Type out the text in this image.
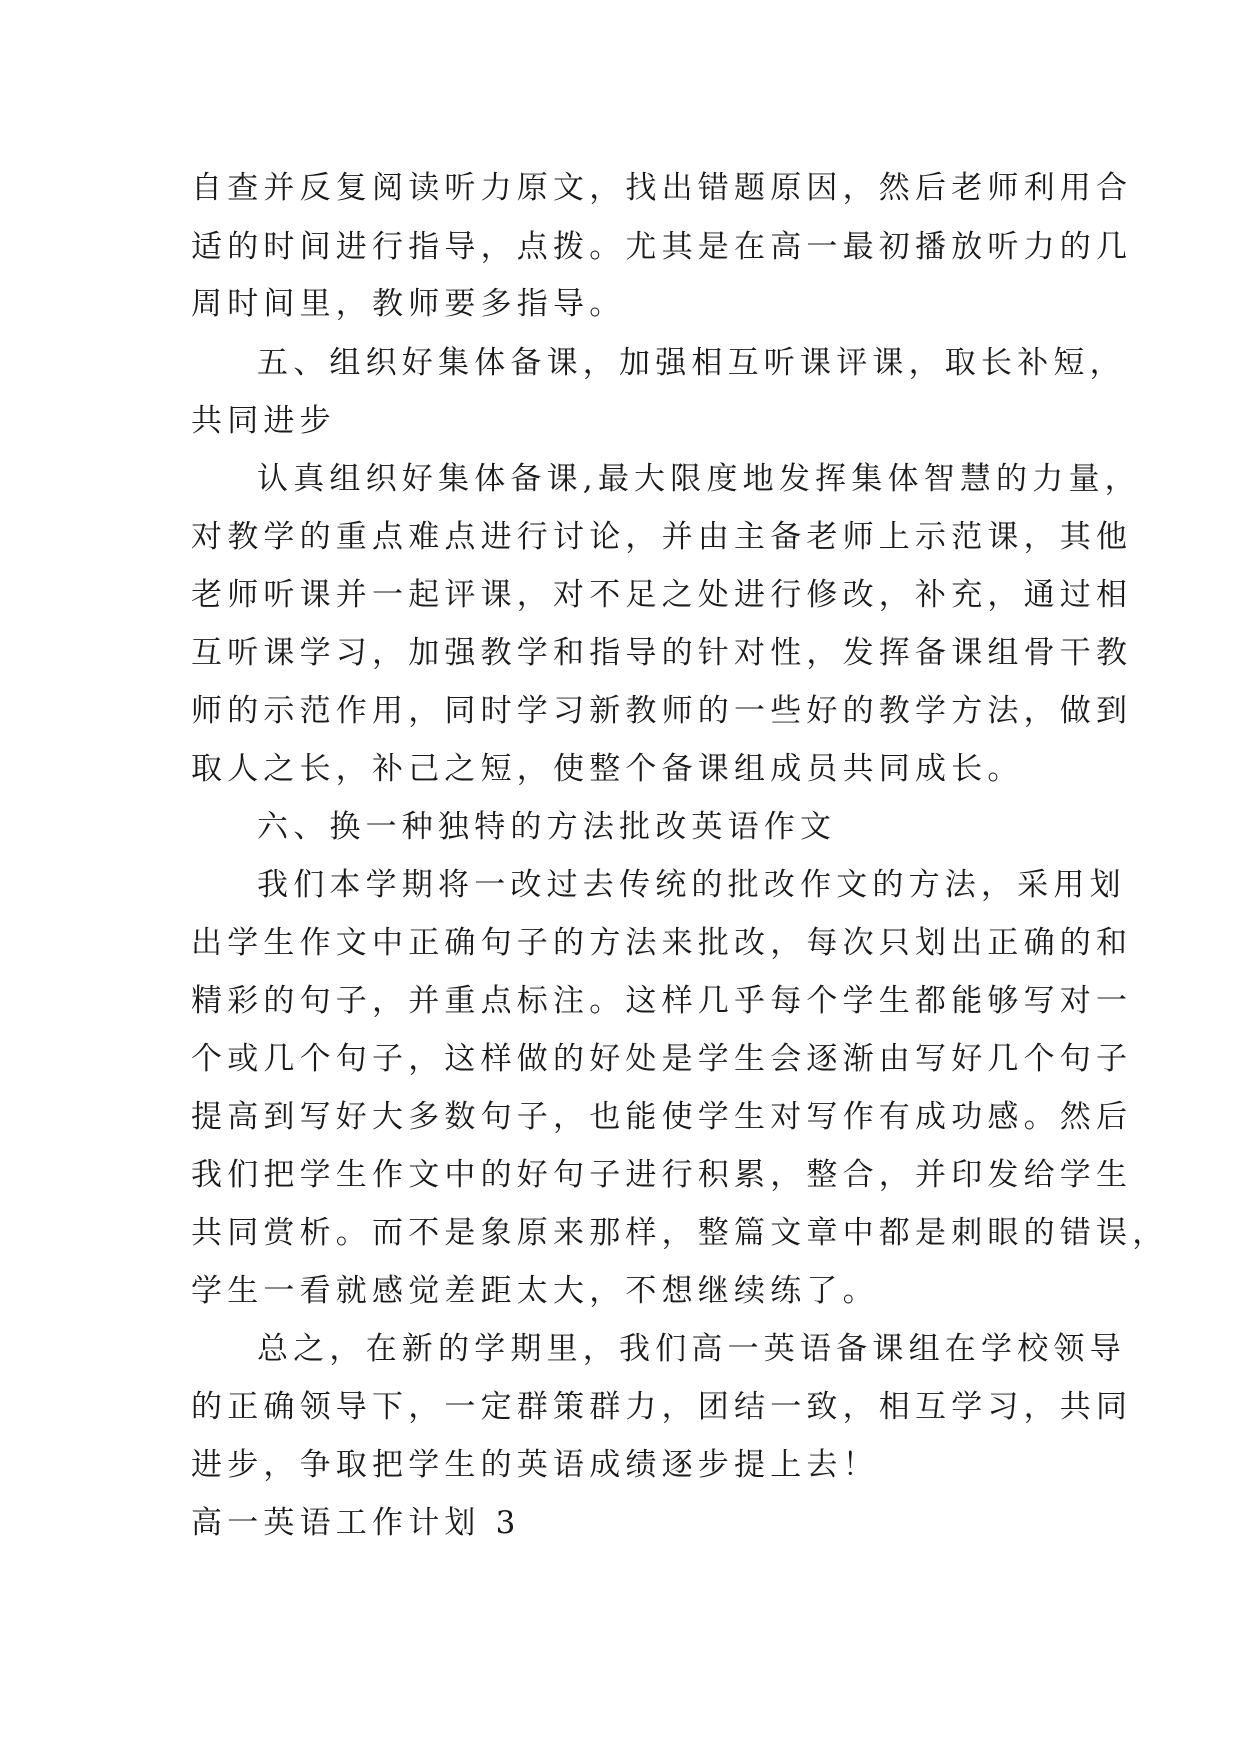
自查并反复阅读听力原文，找出错题原因，然后老师利用合

适的时间进行指导，点拨。尤其是在高一最初播放听力的几

周时间里，教师要多指导。

五、组织好集体备课，加强相互听课评课，取长补短，

共同进步

认真组织好集体备课,最大限度地发挥集体智慧的力量，

对教学的重点难点进行讨论，并由主备老师上示范课，其他

老师听课并一起评课，对不足之处进行修改，补充，通过相

互听课学习，加强教学和指导的针对性，发挥备课组骨干教

师的示范作用，同时学习新教师的一些好的教学方法，做到

取人之长，补己之短，使整个备课组成员共同成长。

六、换一种独特的方法批改英语作文

我们本学期将一改过去传统的批改作文的方法，采用划

出学生作文中正确句子的方法来批改，每次只划出正确的和

精彩的句子，并重点标注。这样几乎每个学生都能够写对一

个或几个句子，这样做的好处是学生会逐渐由写好几个句子

提高到写好大多数句子，也能使学生对写作有成功感。然后

我们把学生作文中的好句子进行积累，整合，并印发给学生

共同赏析。而不是象原来那样，整篇文章中都是刺眼的错误，

学生一看就感觉差距太大，不想继续练了。

总之，在新的学期里，我们高一英语备课组在学校领导

的正确领导下，一定群策群力，团结一致，相互学习，共同

进步，争取把学生的英语成绩逐步提上去！

高一英语工作计划 3
